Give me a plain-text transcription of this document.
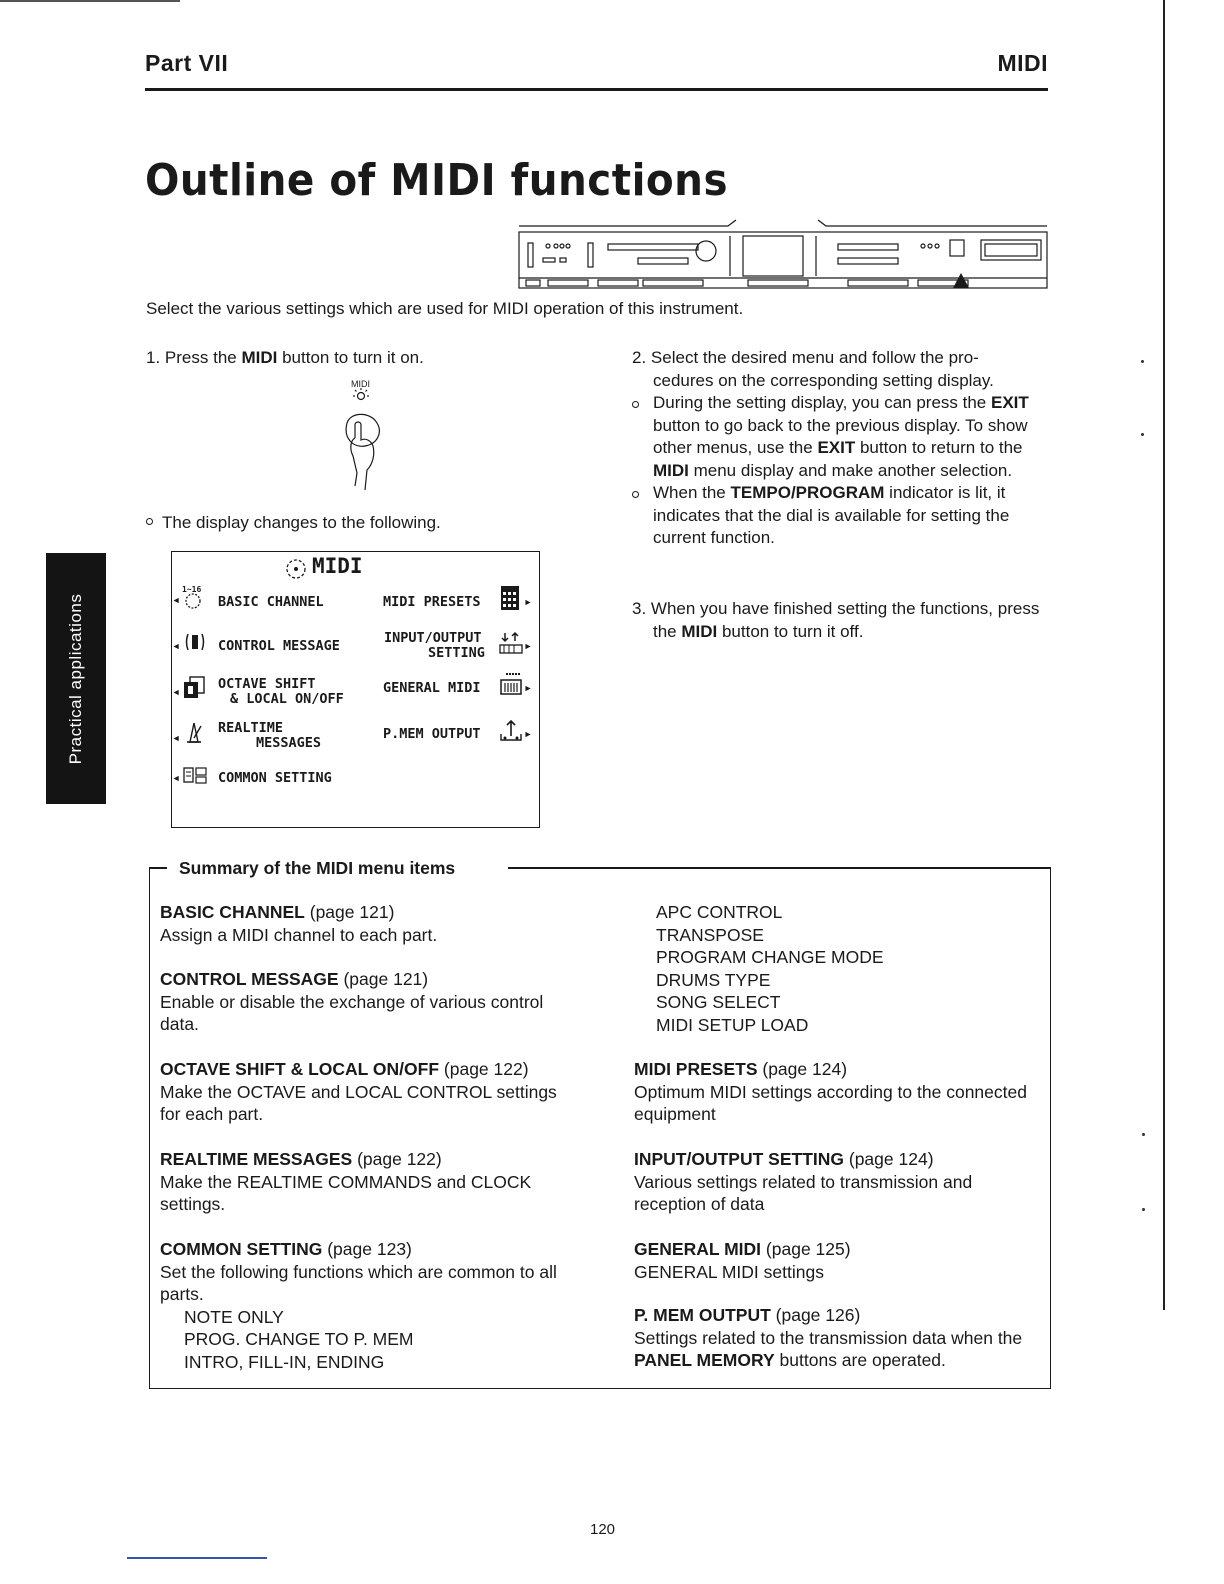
Part VII	MIDI
Outline of MIDI functions
Select the various settings which are used for MIDI operation of this instrument.
1. Press the MIDI button to turn it on.
MIDI
The display changes to the following.
MIDI
◂
1~16
BASIC CHANNEL
◂	CONTROL MESSAGE
◂	OCTAVE SHIFT
& LOCAL ON/OFF
◂
REALTIME
MESSAGES
◂	COMMON SETTING
MIDI PRESETS	▸
INPUT/OUTPUT
SETTING	▸
GENERAL MIDI	▸
P.MEM OUTPUT	▸
Practical applications

2. Select the desired menu and follow the pro-

cedures on the corresponding setting display.

During the setting display, you can press the EXIT button to go back to the previous display. To show other menus, use the EXIT button to return to the MIDI menu display and make another selection.

When the TEMPO/PROGRAM indicator is lit, it indicates that the dial is available for setting the current function.

3. When you have finished setting the functions, press the MIDI button to turn it off.

Summary of the MIDI menu items
BASIC CHANNEL (page 121)
Assign a MIDI channel to each part.
CONTROL MESSAGE (page 121)
Enable or disable the exchange of various control data.
OCTAVE SHIFT & LOCAL ON/OFF (page 122)
Make the OCTAVE and LOCAL CONTROL settings for each part.
REALTIME MESSAGES (page 122)
Make the REALTIME COMMANDS and CLOCK settings.
COMMON SETTING (page 123)
Set the following functions which are common to all parts.
NOTE ONLY
PROG. CHANGE TO P. MEM
INTRO, FILL-IN, ENDING
APC CONTROL
TRANSPOSE
PROGRAM CHANGE MODE
DRUMS TYPE
SONG SELECT
MIDI SETUP LOAD
MIDI PRESETS (page 124)
Optimum MIDI settings according to the connected equipment
INPUT/OUTPUT SETTING (page 124)
Various settings related to transmission and reception of data
GENERAL MIDI (page 125)
GENERAL MIDI settings
P. MEM OUTPUT (page 126)
Settings related to the transmission data when the PANEL MEMORY buttons are operated.
120
